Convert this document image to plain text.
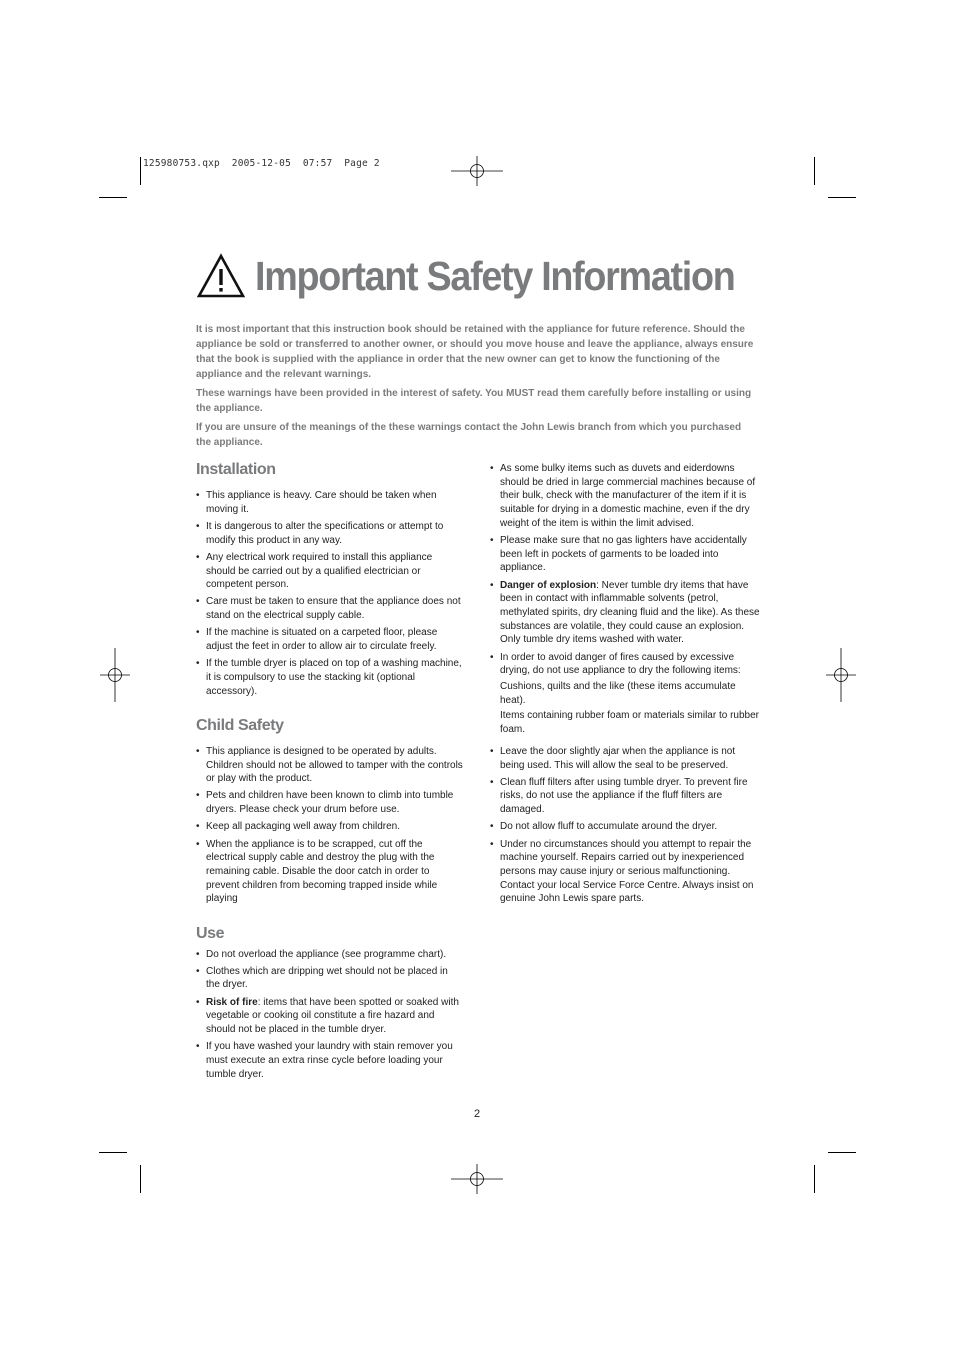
125980753.qxp  2005-12-05  07:57  Page 2
Important Safety Information

It is most important that this instruction book should be retained with the appliance for future reference. Should the appliance be sold or transferred to another owner, or should you move house and leave the appliance, always ensure that the book is supplied with the appliance in order that the new owner can get to know the functioning of the appliance and the relevant warnings.

These warnings have been provided in the interest of safety. You MUST read them carefully before installing or using the appliance.

If you are unsure of the meanings of the these warnings contact the John Lewis branch from which you purchased the appliance.

Installation
• This appliance is heavy. Care should be taken when moving it.
• It is dangerous to alter the specifications or attempt to modify this product in any way.
• Any electrical work required to install this appliance should be carried out by a qualified electrician or competent person.
• Care must be taken to ensure that the appliance does not stand on the electrical supply cable.
• If the machine is situated on a carpeted floor, please adjust the feet in order to allow air to circulate freely.
• If the tumble dryer is placed on top of a washing machine, it is compulsory to use the stacking kit (optional accessory).
Child Safety
• This appliance is designed to be operated by adults. Children should not be allowed to tamper with the controls or play with the product.
• Pets and children have been known to climb into tumble dryers. Please check your drum before use.
• Keep all packaging well away from children.
• When the appliance is to be scrapped, cut off the electrical supply cable and destroy the plug with the remaining cable. Disable the door catch in order to prevent children from becoming trapped inside while playing
Use
• Do not overload the appliance (see programme chart).
• Clothes which are dripping wet should not be placed in the dryer.
• Risk of fire: items that have been spotted or soaked with vegetable or cooking oil constitute a fire hazard and should not be placed in the tumble dryer.
• If you have washed your laundry with stain remover you must execute an extra rinse cycle before loading your tumble dryer.
• As some bulky items such as duvets and eiderdowns should be dried in large commercial machines because of their bulk, check with the manufacturer of the item if it is suitable for drying in a domestic machine, even if the dry weight of the item is within the limit advised.
• Please make sure that no gas lighters have accidentally been left in pockets of garments to be loaded into appliance.
• Danger of explosion: Never tumble dry items that have been in contact with inflammable solvents (petrol, methylated spirits, dry cleaning fluid and the like). As these substances are volatile, they could cause an explosion. Only tumble dry items washed with water.
• In order to avoid danger of fires caused by excessive drying, do not use appliance to dry the following items:
Cushions, quilts and the like (these items accumulate heat).
Items containing rubber foam or materials similar to rubber foam.
• Leave the door slightly ajar when the appliance is not being used. This will allow the seal to be preserved.
• Clean fluff filters after using tumble dryer. To prevent fire risks, do not use the appliance if the fluff filters are damaged.
• Do not allow fluff to accumulate around the dryer.
• Under no circumstances should you attempt to repair the machine yourself. Repairs carried out by inexperienced persons may cause injury or serious malfunctioning. Contact your local Service Force Centre. Always insist on genuine John Lewis spare parts.
2
